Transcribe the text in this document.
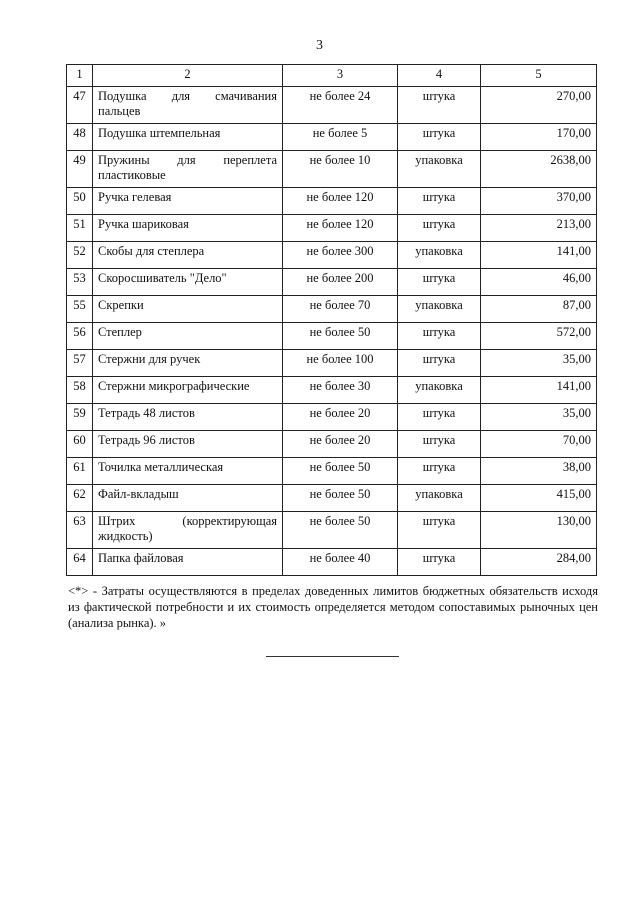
3
1	2	3	4	5
47	Подушка для смачивания пальцев	не более 24	штука	270,00
48	Подушка штемпельная	не более 5	штука	170,00
49	Пружины для переплета пластиковые	не более 10	упаковка	2638,00
50	Ручка гелевая	не более 120	штука	370,00
51	Ручка шариковая	не более 120	штука	213,00
52	Скобы для степлера	не более 300	упаковка	141,00
53	Скоросшиватель "Дело"	не более 200	штука	46,00
55	Скрепки	не более 70	упаковка	87,00
56	Степлер	не более 50	штука	572,00
57	Стержни для ручек	не более 100	штука	35,00
58	Стержни микрографические	не более 30	упаковка	141,00
59	Тетрадь 48 листов	не более 20	штука	35,00
60	Тетрадь 96 листов	не более 20	штука	70,00
61	Точилка металлическая	не более 50	штука	38,00
62	Файл-вкладыш	не более 50	упаковка	415,00
63	Штрих (корректирующая жидкость)	не более 50	штука	130,00
64	Папка файловая	не более 40	штука	284,00
<*> - Затраты осуществляются в пределах доведенных лимитов бюджетных обязательств исходя из фактической потребности и их стоимость определяется методом сопоставимых рыночных цен (анализа рынка). »
